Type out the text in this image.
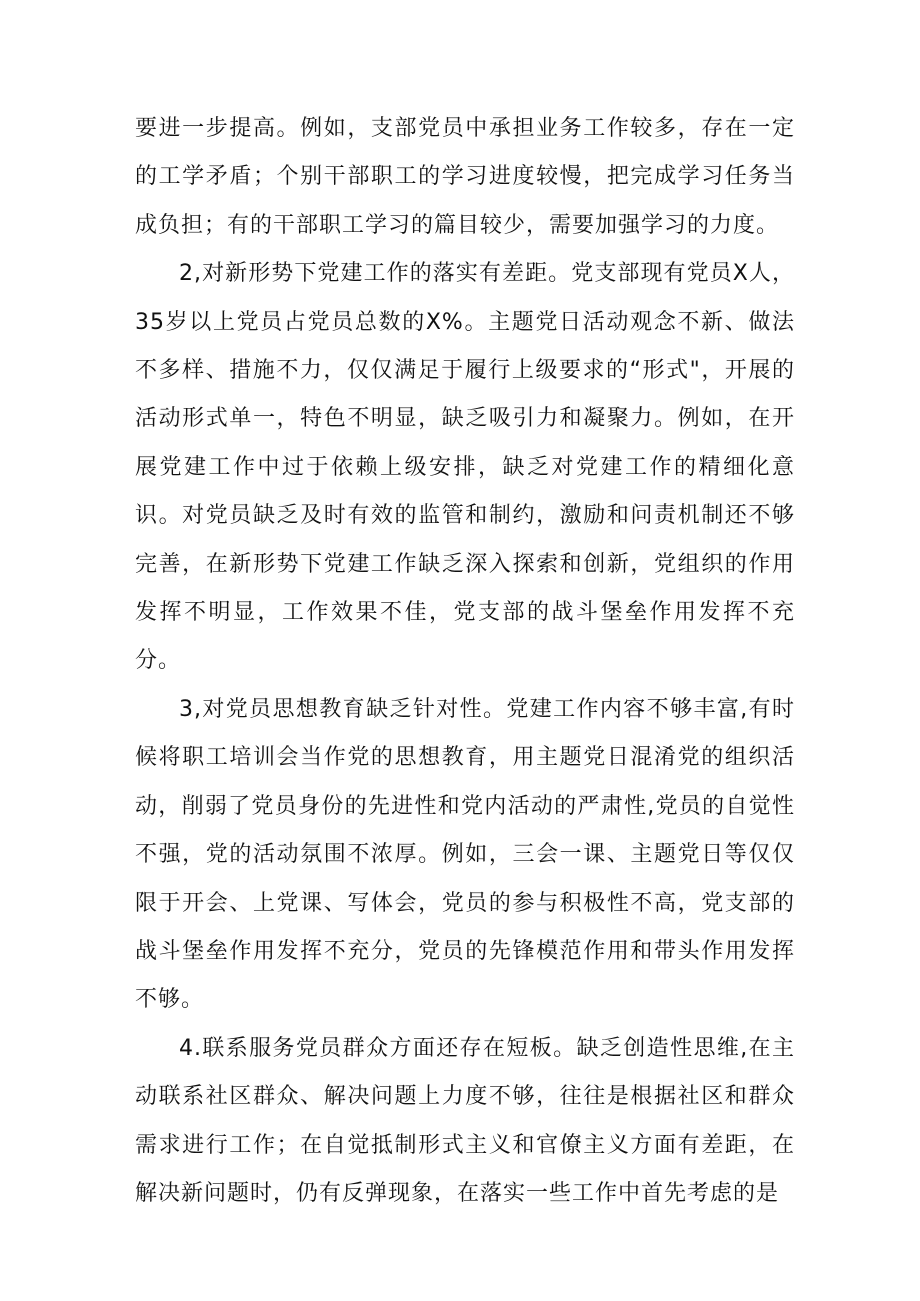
要进一步提高。例如，支部党员中承担业务工作较多，存在一定的工学矛盾；个别干部职工的学习进度较慢，把完成学习任务当成负担；有的干部职工学习的篇目较少，需要加强学习的力度。

2,对新形势下党建工作的落实有差距。党支部现有党员X人，35岁以上党员占党员总数的X%。主题党日活动观念不新、做法不多样、措施不力，仅仅满足于履行上级要求的“形式"，开展的活动形式单一，特色不明显，缺乏吸引力和凝聚力。例如，在开展党建工作中过于依赖上级安排，缺乏对党建工作的精细化意识。对党员缺乏及时有效的监管和制约，激励和问责机制还不够完善，在新形势下党建工作缺乏深入探索和创新，党组织的作用发挥不明显，工作效果不佳，党支部的战斗堡垒作用发挥不充分。

3,对党员思想教育缺乏针对性。党建工作内容不够丰富,有时候将职工培训会当作党的思想教育，用主题党日混淆党的组织活动，削弱了党员身份的先进性和党内活动的严肃性,党员的自觉性不强，党的活动氛围不浓厚。例如，三会一课、主题党日等仅仅限于开会、上党课、写体会，党员的参与积极性不高，党支部的战斗堡垒作用发挥不充分，党员的先锋模范作用和带头作用发挥不够。

4.联系服务党员群众方面还存在短板。缺乏创造性思维,在主动联系社区群众、解决问题上力度不够，往往是根据社区和群众需求进行工作；在自觉抵制形式主义和官僚主义方面有差距，在解决新问题时，仍有反弹现象，在落实一些工作中首先考虑的是
